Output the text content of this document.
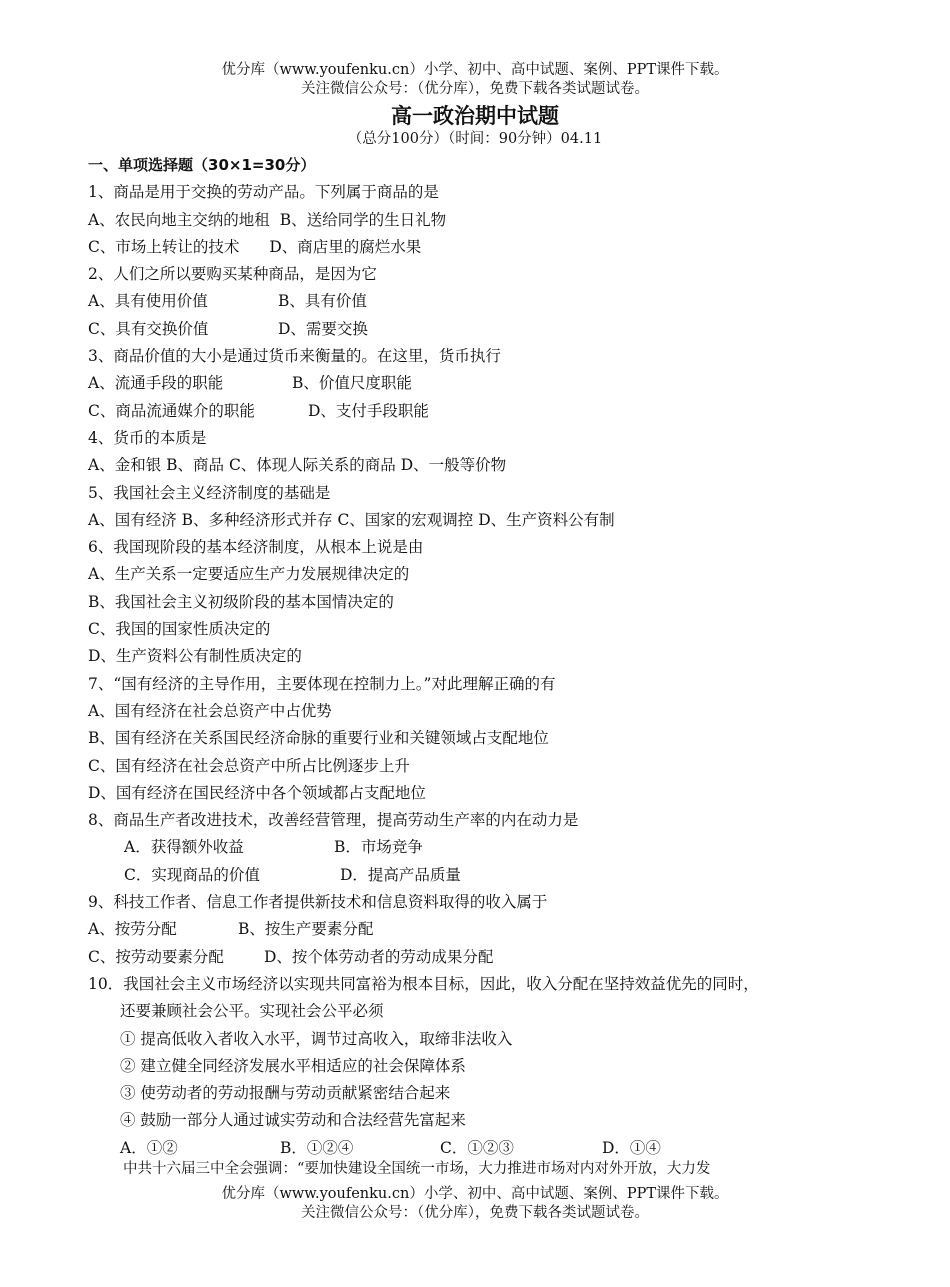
优分库（www.youfenku.cn）小学、初中、高中试题、案例、PPT课件下载。
关注微信公众号：（优分库），免费下载各类试题试卷。
高一政治期中试题
（总分100分）（时间：90分钟）04.11
一、单项选择题（30×1=30分）
1、商品是用于交换的劳动产品。下列属于商品的是
A、农民向地主交纳的地租 B、送给同学的生日礼物
C、市场上转让的技术 D、商店里的腐烂水果
2、人们之所以要购买某种商品，是因为它
A、具有使用价值	B、具有价值
C、具有交换价值	D、需要交换
3、商品价值的大小是通过货币来衡量的。在这里，货币执行
A、流通手段的职能	B、价值尺度职能
C、商品流通媒介的职能	D、支付手段职能
4、货币的本质是
A、金和银 B、商品 C、体现人际关系的商品 D、一般等价物
5、我国社会主义经济制度的基础是
A、国有经济 B、多种经济形式并存 C、国家的宏观调控 D、生产资料公有制
6、我国现阶段的基本经济制度，从根本上说是由
A、生产关系一定要适应生产力发展规律决定的
B、我国社会主义初级阶段的基本国情决定的
C、我国的国家性质决定的
D、生产资料公有制性质决定的
7、“国有经济的主导作用，主要体现在控制力上。”对此理解正确的有
A、国有经济在社会总资产中占优势
B、国有经济在关系国民经济命脉的重要行业和关键领域占支配地位
C、国有经济在社会总资产中所占比例逐步上升
D、国有经济在国民经济中各个领域都占支配地位
8、商品生产者改进技术，改善经营管理，提高劳动生产率的内在动力是
A．获得额外收益	B．市场竞争
C．实现商品的价值	D．提高产品质量
9、科技工作者、信息工作者提供新技术和信息资料取得的收入属于
A、按劳分配	B、按生产要素分配
C、按劳动要素分配	D、按个体劳动者的劳动成果分配
10．我国社会主义市场经济以实现共同富裕为根本目标，因此，收入分配在坚持效益优先的同时，
还要兼顾社会公平。实现社会公平必须
① 提高低收入者收入水平，调节过高收入，取缔非法收入
② 建立健全同经济发展水平相适应的社会保障体系
③ 使劳动者的劳动报酬与劳动贡献紧密结合起来
④ 鼓励一部分人通过诚实劳动和合法经营先富起来
A．①②	B．①②④	C．①②③	D．①④
中共十六届三中全会强调：“要加快建设全国统一市场，大力推进市场对内对外开放，大力发
优分库（www.youfenku.cn）小学、初中、高中试题、案例、PPT课件下载。
关注微信公众号：（优分库），免费下载各类试题试卷。
